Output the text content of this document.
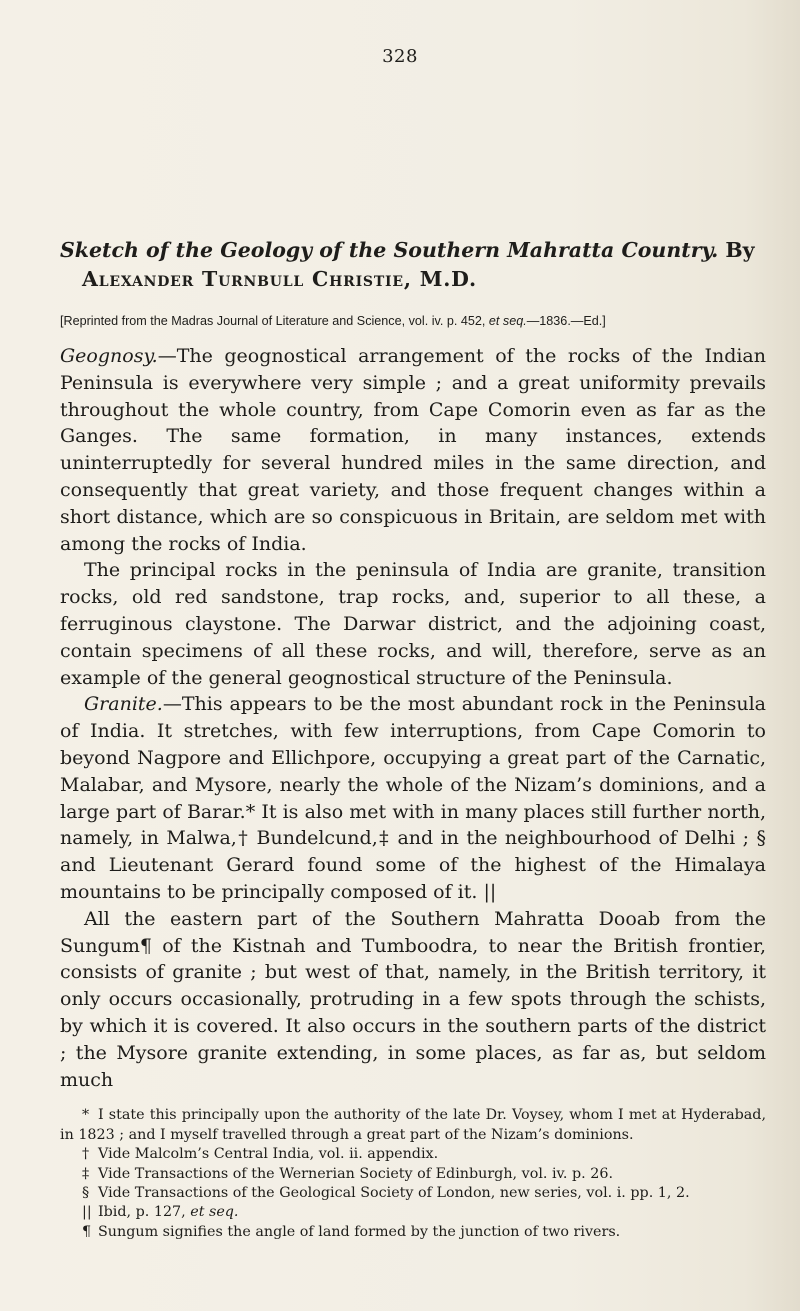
328
Sketch of the Geology of the Southern Mahratta Country. By
Alexander Turnbull Christie, M.D.
[Reprinted from the Madras Journal of Literature and Science, vol. iv. p. 452, et seq.—1836.—Ed.]

Geognosy.—The geognostical arrangement of the rocks of the Indian Peninsula is everywhere very simple ; and a great uniformity prevails throughout the whole country, from Cape Comorin even as far as the Ganges. The same formation, in many instances, extends uninterruptedly for several hundred miles in the same direction, and consequently that great variety, and those frequent changes within a short distance, which are so conspicuous in Britain, are seldom met with among the rocks of India.

The principal rocks in the peninsula of India are granite, transition rocks, old red sandstone, trap rocks, and, superior to all these, a ferruginous claystone. The Darwar district, and the adjoining coast, contain specimens of all these rocks, and will, therefore, serve as an example of the general geognostical structure of the Peninsula.

Granite.—This appears to be the most abundant rock in the Peninsula of India. It stretches, with few interruptions, from Cape Comorin to beyond Nagpore and Ellichpore, occupying a great part of the Carnatic, Malabar, and Mysore, nearly the whole of the Nizam’s dominions, and a large part of Barar.* It is also met with in many places still further north, namely, in Malwa,† Bundelcund,‡ and in the neighbourhood of Delhi ; § and Lieutenant Gerard found some of the highest of the Himalaya mountains to be principally composed of it. ||

All the eastern part of the Southern Mahratta Dooab from the Sungum¶ of the Kistnah and Tumboodra, to near the British frontier, consists of granite ; but west of that, namely, in the British territory, it only occurs occasionally, protruding in a few spots through the schists, by which it is covered. It also occurs in the southern parts of the district ; the Mysore granite extending, in some places, as far as, but seldom much

* I state this principally upon the authority of the late Dr. Voysey, whom I met at Hyderabad, in 1823 ; and I myself travelled through a great part of the Nizam’s dominions.

† Vide Malcolm’s Central India, vol. ii. appendix.

‡ Vide Transactions of the Wernerian Society of Edinburgh, vol. iv. p. 26.

§ Vide Transactions of the Geological Society of London, new series, vol. i. pp. 1, 2.

|| Ibid, p. 127, et seq.

¶ Sungum signifies the angle of land formed by the junction of two rivers.
